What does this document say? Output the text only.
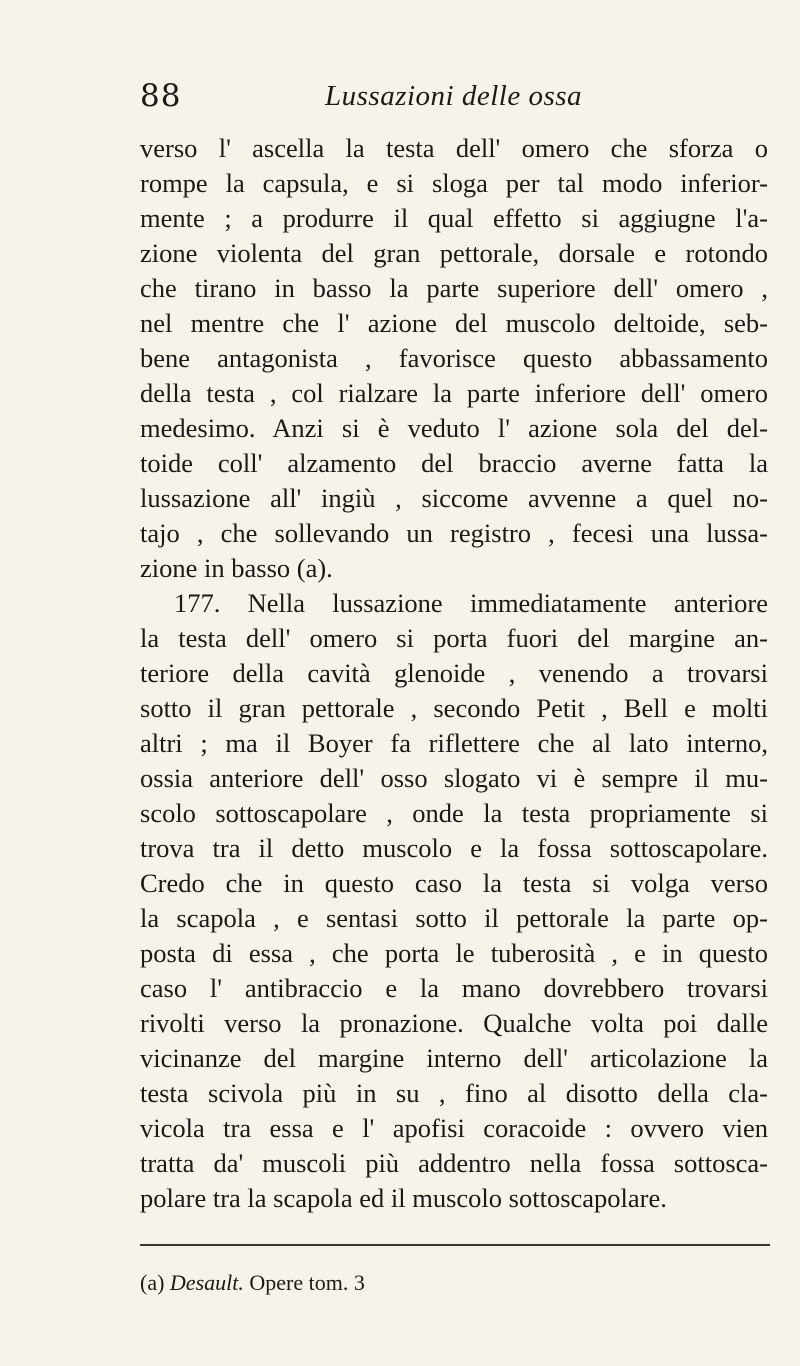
88	Lussazioni delle ossa
verso l' ascella la testa dell' omero che sforza o
rompe la capsula, e si sloga per tal modo inferior-
mente ; a produrre il qual effetto si aggiugne l'a-
zione violenta del gran pettorale, dorsale e rotondo
che tirano in basso la parte superiore dell' omero ,
nel mentre che l' azione del muscolo deltoide, seb-
bene antagonista , favorisce questo abbassamento
della testa , col rialzare la parte inferiore dell' omero
medesimo. Anzi si è veduto l' azione sola del del-
toide coll' alzamento del braccio averne fatta la
lussazione all' ingiù , siccome avvenne a quel no-
tajo , che sollevando un registro , fecesi una lussa-
zione in basso (a).
177. Nella lussazione immediatamente anteriore
la testa dell' omero si porta fuori del margine an-
teriore della cavità glenoide , venendo a trovarsi
sotto il gran pettorale , secondo Petit , Bell e molti
altri ; ma il Boyer fa riflettere che al lato interno,
ossia anteriore dell' osso slogato vi è sempre il mu-
scolo sottoscapolare , onde la testa propriamente si
trova tra il detto muscolo e la fossa sottoscapolare.
Credo che in questo caso la testa si volga verso
la scapola , e sentasi sotto il pettorale la parte op-
posta di essa , che porta le tuberosità , e in questo
caso l' antibraccio e la mano dovrebbero trovarsi
rivolti verso la pronazione. Qualche volta poi dalle
vicinanze del margine interno dell' articolazione la
testa scivola più in su , fino al disotto della cla-
vicola tra essa e l' apofisi coracoide : ovvero vien
tratta da' muscoli più addentro nella fossa sottosca-
polare tra la scapola ed il muscolo sottoscapolare.
(a) Desault. Opere tom. 3
